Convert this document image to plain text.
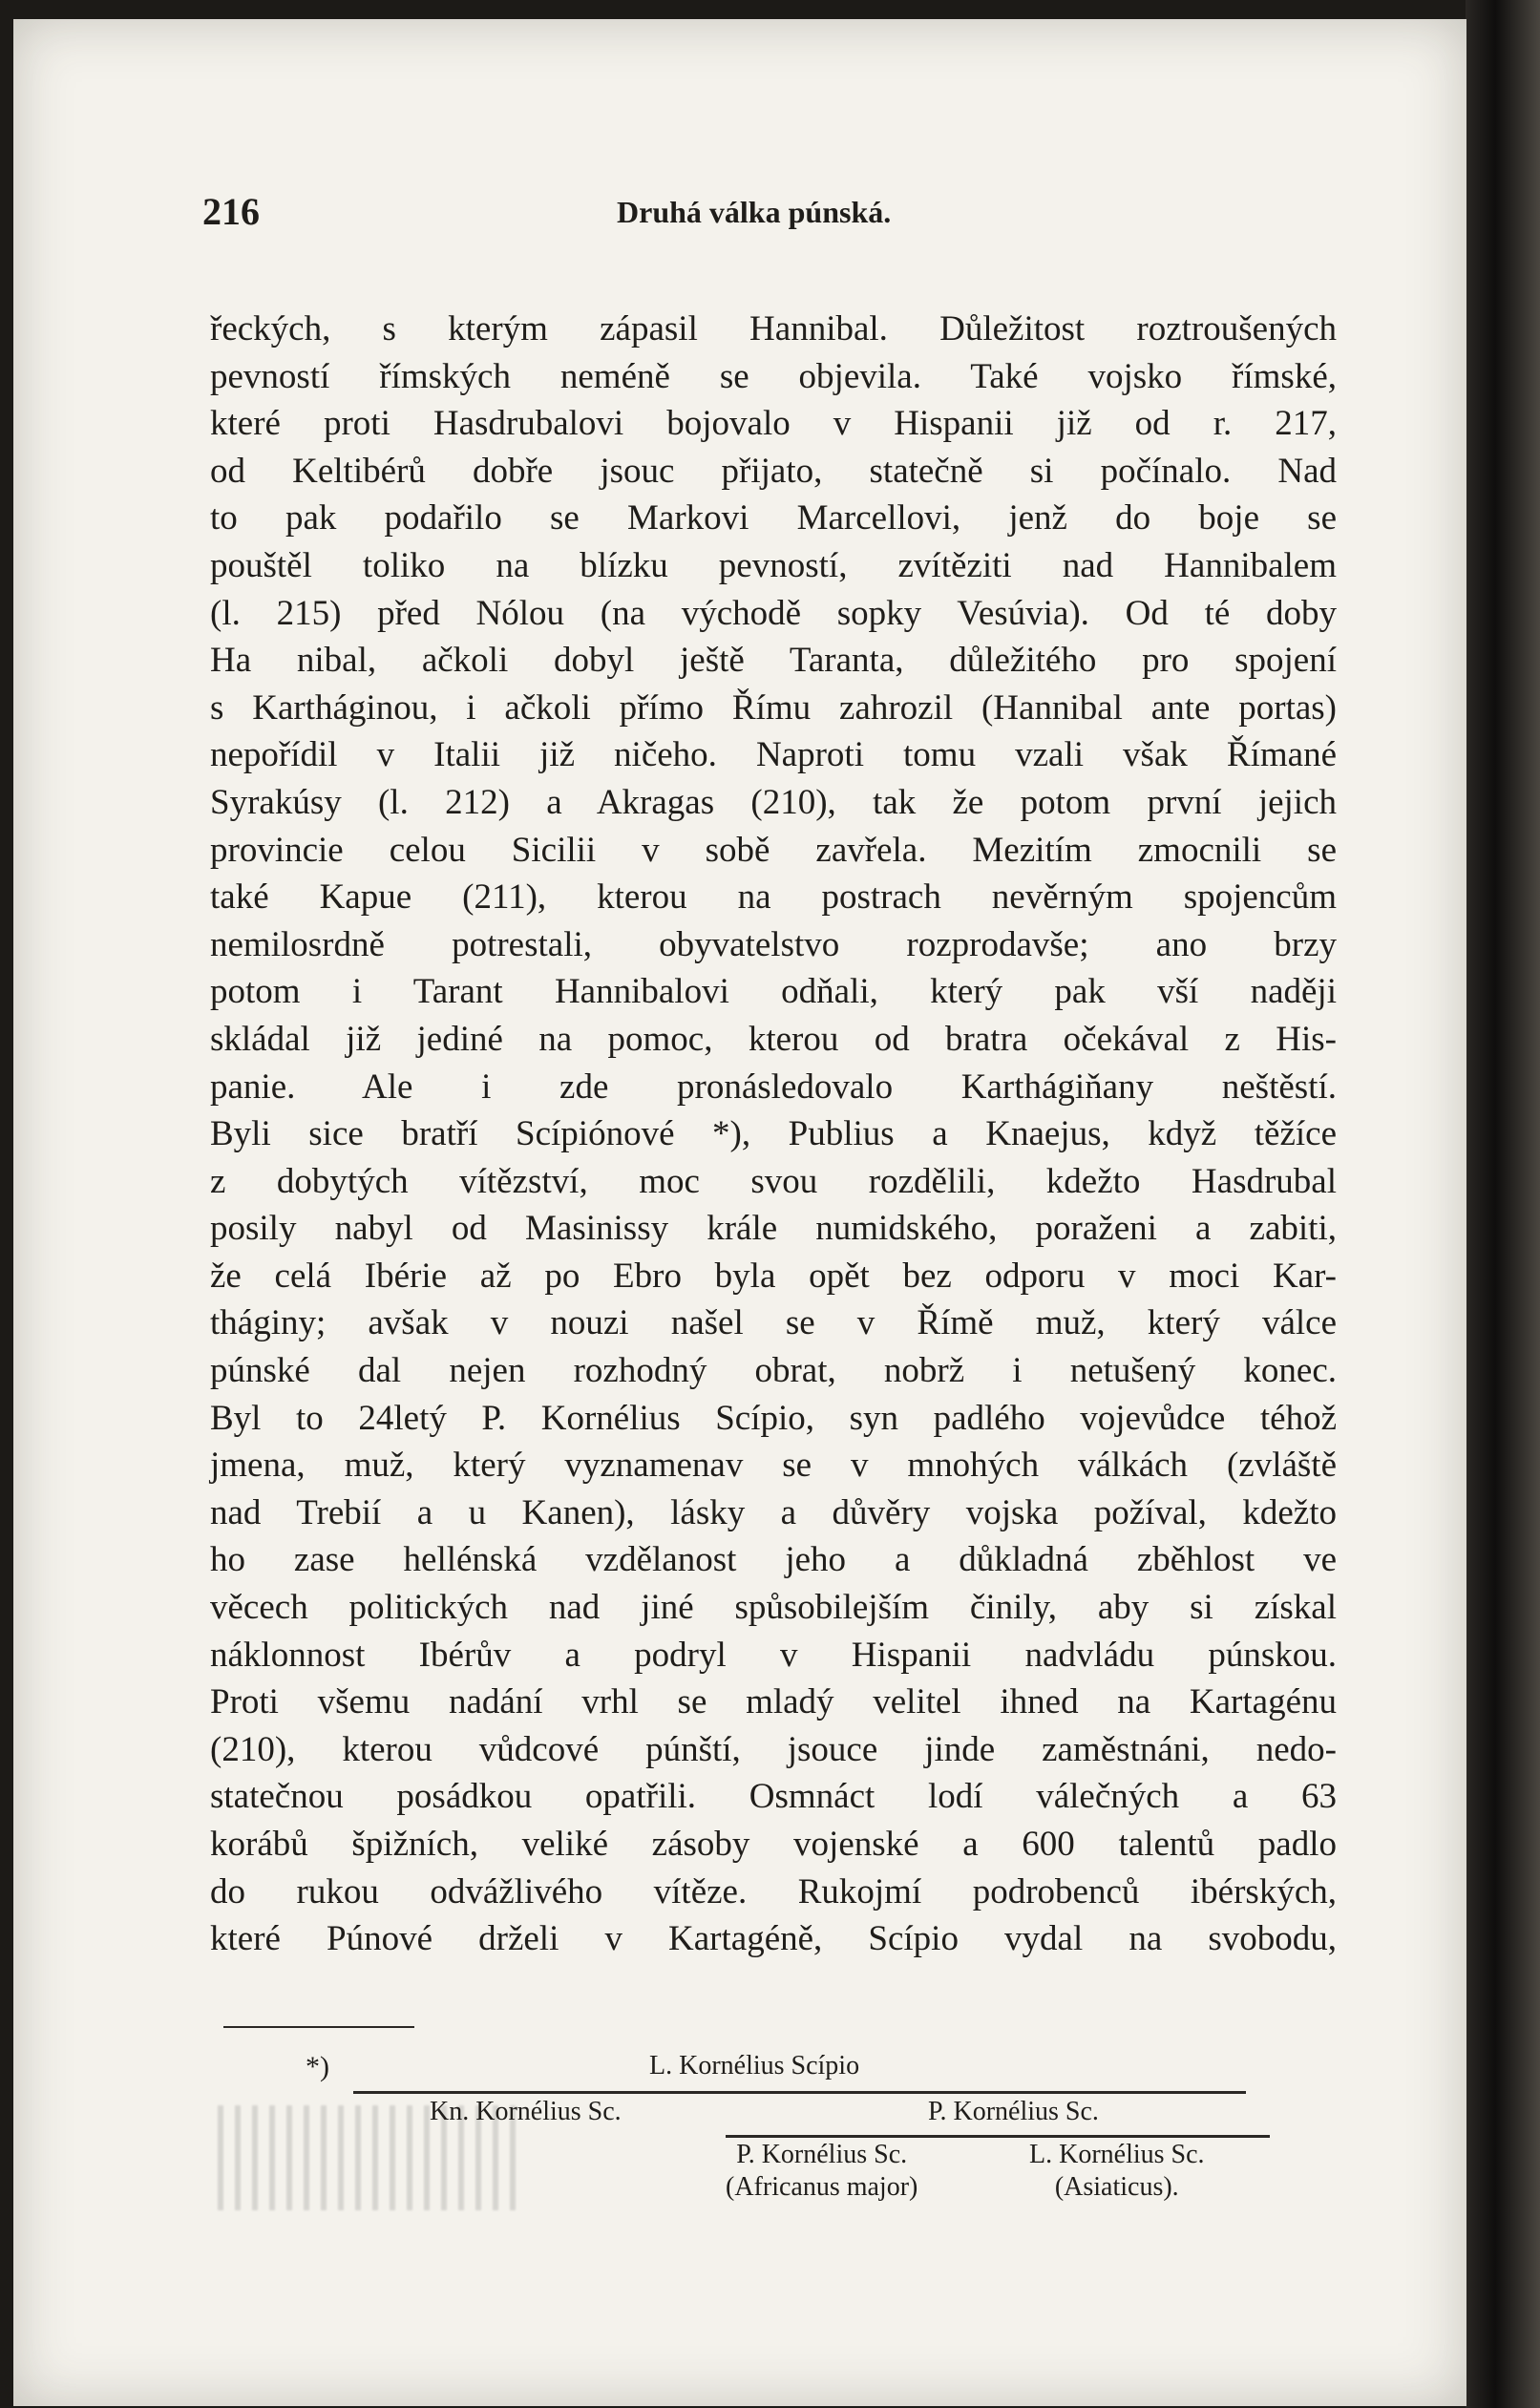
216	Druhá válka púnská.
řeckých, s kterým zápasil Hannibal. Důležitost roztroušených
pevností římských neméně se objevila. Také vojsko římské,
které proti Hasdrubalovi bojovalo v Hispanii již od r. 217,
od Keltibérů dobře jsouc přijato, statečně si počínalo. Nad
to pak podařilo se Markovi Marcellovi, jenž do boje se
pouštěl toliko na blízku pevností, zvítěziti nad Hannibalem
(l. 215) před Nólou (na východě sopky Vesúvia). Od té doby
Ha nibal, ačkoli dobyl ještě Taranta, důležitého pro spojení
s Kartháginou, i ačkoli přímo Římu zahrozil (Hannibal ante portas)
nepořídil v Italii již ničeho. Naproti tomu vzali však Římané
Syrakúsy (l. 212) a Akragas (210), tak že potom první jejich
provincie celou Sicilii v sobě zavřela. Mezitím zmocnili se
také Kapue (211), kterou na postrach nevěrným spojencům
nemilosrdně potrestali, obyvatelstvo rozprodavše; ano brzy
potom i Tarant Hannibalovi odňali, který pak vší naději
skládal již jediné na pomoc, kterou od bratra očekával z His-
panie. Ale i zde pronásledovalo Karthágiňany neštěstí.
Byli sice bratří Scípiónové *), Publius a Knaejus, když těžíce
z dobytých vítězství, moc svou rozdělili, kdežto Hasdrubal
posily nabyl od Masinissy krále numidského, poraženi a zabiti,
že celá Ibérie až po Ebro byla opět bez odporu v moci Kar-
tháginy; avšak v nouzi našel se v Římě muž, který válce
púnské dal nejen rozhodný obrat, nobrž i netušený konec.
Byl to 24letý P. Kornélius Scípio, syn padlého vojevůdce téhož
jmena, muž, který vyznamenav se v mnohých válkách (zvláště
nad Trebií a u Kanen), lásky a důvěry vojska požíval, kdežto
ho zase hellénská vzdělanost jeho a důkladná zběhlost ve
věcech politických nad jiné spůsobilejším činily, aby si získal
náklonnost Ibérův a podryl v Hispanii nadvládu púnskou.
Proti všemu nadání vrhl se mladý velitel ihned na Kartagénu
(210), kterou vůdcové púnští, jsouce jinde zaměstnáni, nedo-
statečnou posádkou opatřili. Osmnáct lodí válečných a 63
korábů špižních, veliké zásoby vojenské a 600 talentů padlo
do rukou odvážlivého vítěze. Rukojmí podrobenců ibérských,
které Púnové drželi v Kartagéně, Scípio vydal na svobodu,
*)	L. Kornélius Scípio
Kn. Kornélius Sc.	P. Kornélius Sc.
P. Kornélius Sc.
(Africanus major)
L. Kornélius Sc.
(Asiaticus).
